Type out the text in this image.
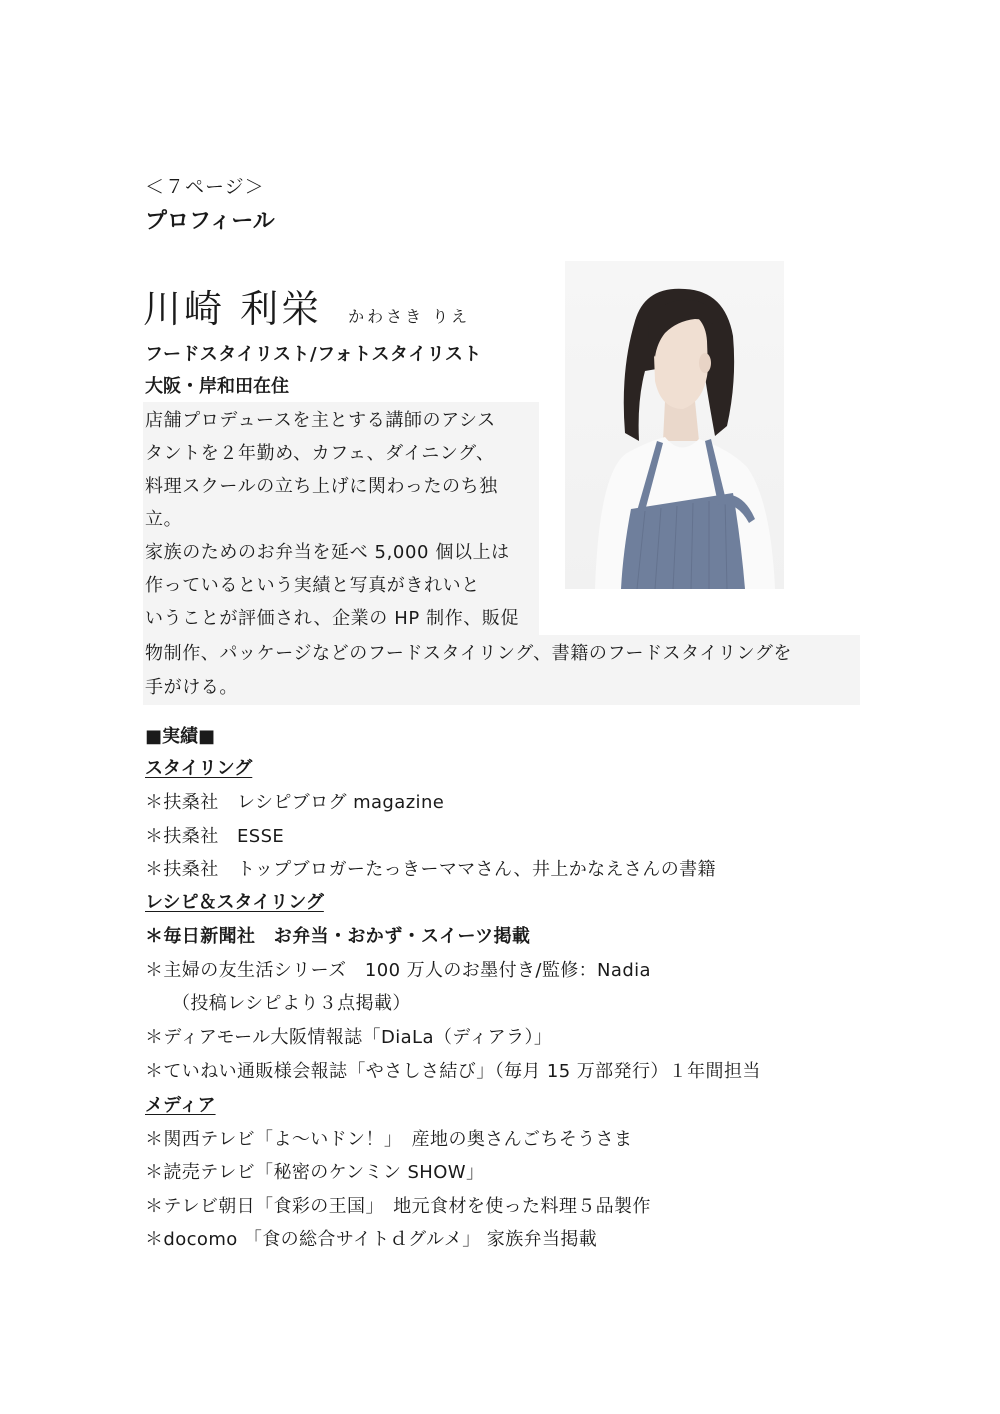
＜７ページ＞
プロフィール
川崎 利栄 かわさき りえ
フードスタイリスト/フォトスタイリスト
大阪・岸和田在住
店舗プロデュースを主とする講師のアシス
タントを２年勤め、カフェ、ダイニング、
料理スクールの立ち上げに関わったのち独
立。
家族のためのお弁当を延べ 5,000 個以上は
作っているという実績と写真がきれいと
いうことが評価され、企業の HP 制作、販促
物制作、パッケージなどのフードスタイリング、書籍のフードスタイリングを
手がける。
■実績■
スタイリング
＊扶桑社　レシピブログ magazine
＊扶桑社　ESSE
＊扶桑社　トップブロガーたっきーママさん、井上かなえさんの書籍
レシピ＆スタイリング
＊毎日新聞社　お弁当・おかず・スイーツ掲載
＊主婦の友生活シリーズ　100 万人のお墨付き/監修：Nadia
（投稿レシピより３点掲載）
＊ディアモール大阪情報誌「DiaLa（ディアラ）」
＊ていねい通販様会報誌「やさしさ結び」（毎月 15 万部発行）１年間担当
メディア
＊関西テレビ「よ～いドン！」　産地の奥さんごちそうさま
＊読売テレビ「秘密のケンミン SHOW」
＊テレビ朝日「食彩の王国」　地元食材を使った料理５品製作
＊docomo 「食の総合サイトｄグルメ」 家族弁当掲載
